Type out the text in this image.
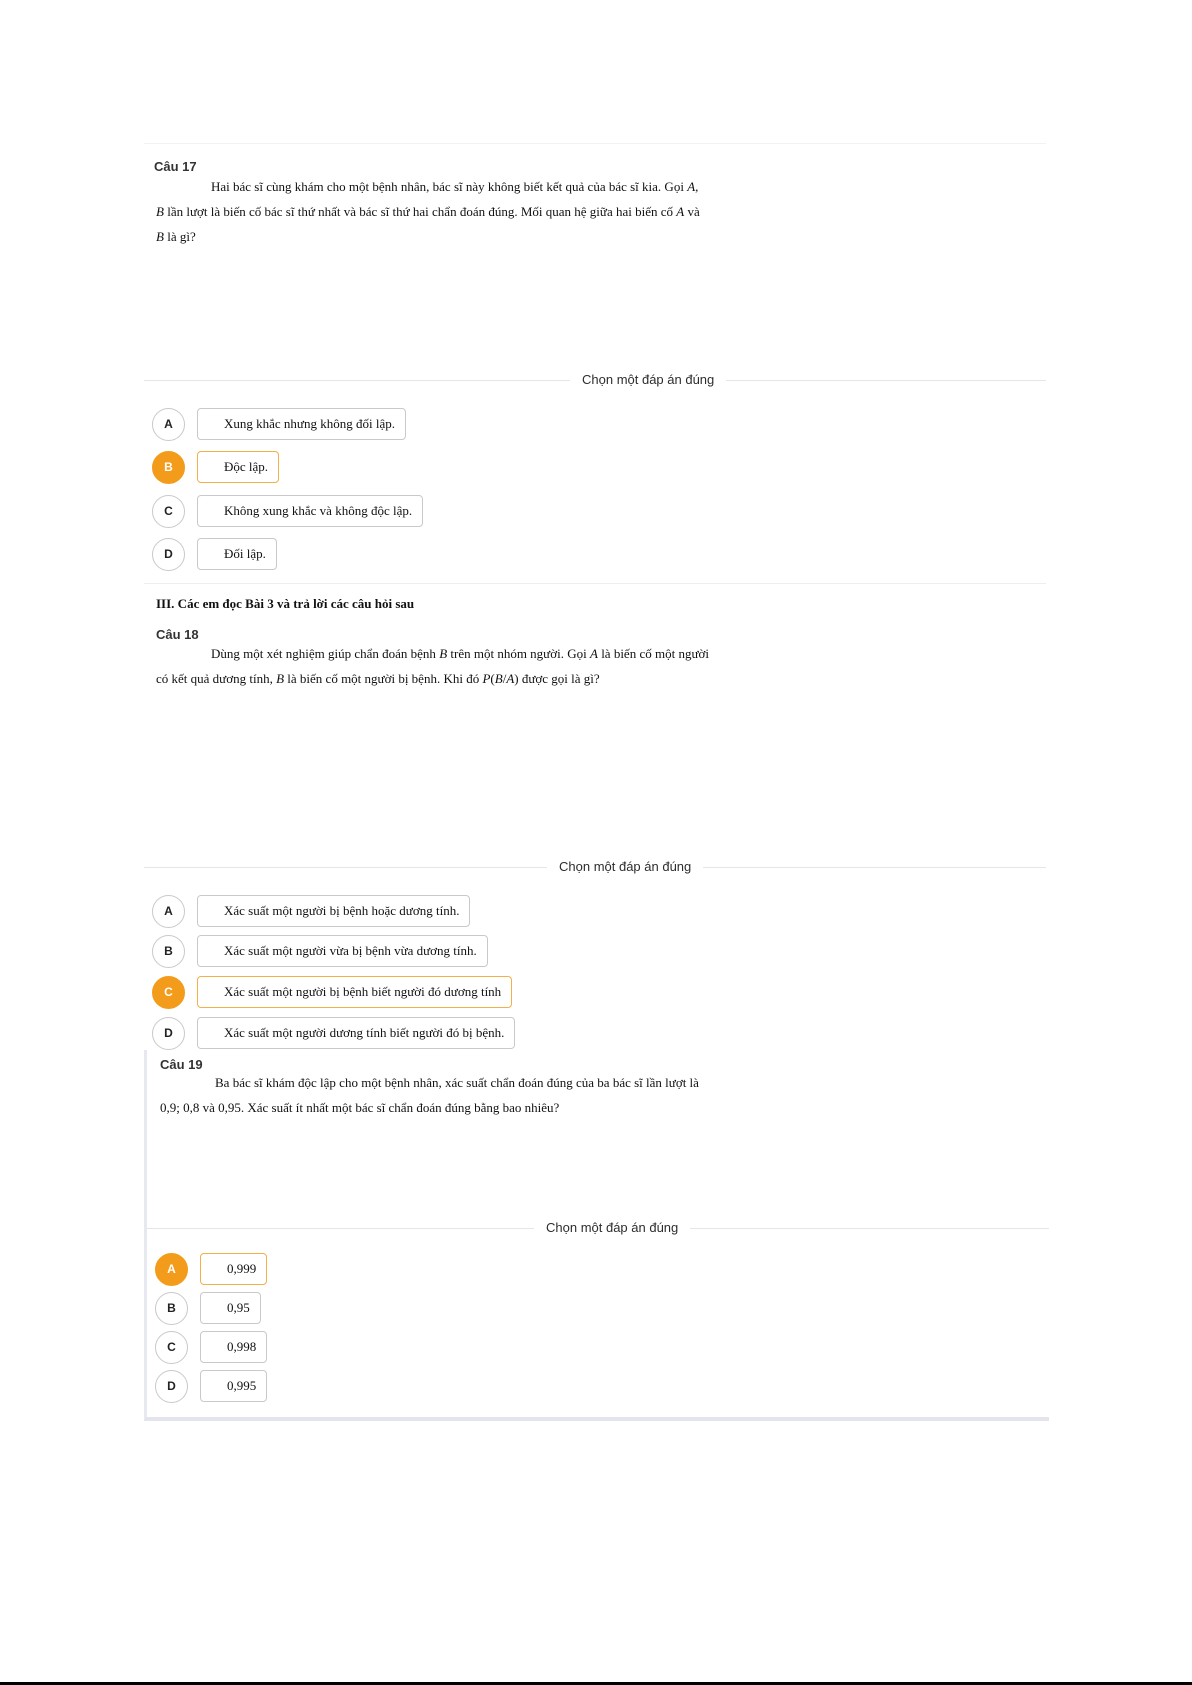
Câu 17

Hai bác sĩ cùng khám cho một bệnh nhân, bác sĩ này không biết kết quả của bác sĩ kia. Gọi A,

B lần lượt là biến cố bác sĩ thứ nhất và bác sĩ thứ hai chẩn đoán đúng. Mối quan hệ giữa hai biến cố A và

B là gì?

Chọn một đáp án đúng
A	Xung khắc nhưng không đối lập.
B	Độc lập.
C	Không xung khắc và không độc lập.
D	Đối lập.
III. Các em đọc Bài 3 và trả lời các câu hỏi sau
Câu 18

Dùng một xét nghiệm giúp chẩn đoán bệnh B trên một nhóm người. Gọi A là biến cố một người

có kết quả dương tính, B là biến cố một người bị bệnh. Khi đó P(B/A) được gọi là gì?

Chọn một đáp án đúng
A	Xác suất một người bị bệnh hoặc dương tính.
B	Xác suất một người vừa bị bệnh vừa dương tính.
C	Xác suất một người bị bệnh biết người đó dương tính
D	Xác suất một người dương tính biết người đó bị bệnh.
Câu 19

Ba bác sĩ khám độc lập cho một bệnh nhân, xác suất chẩn đoán đúng của ba bác sĩ lần lượt là

0,9; 0,8 và 0,95. Xác suất ít nhất một bác sĩ chẩn đoán đúng bằng bao nhiêu?

Chọn một đáp án đúng
A	0,999
B	0,95
C	0,998
D	0,995
